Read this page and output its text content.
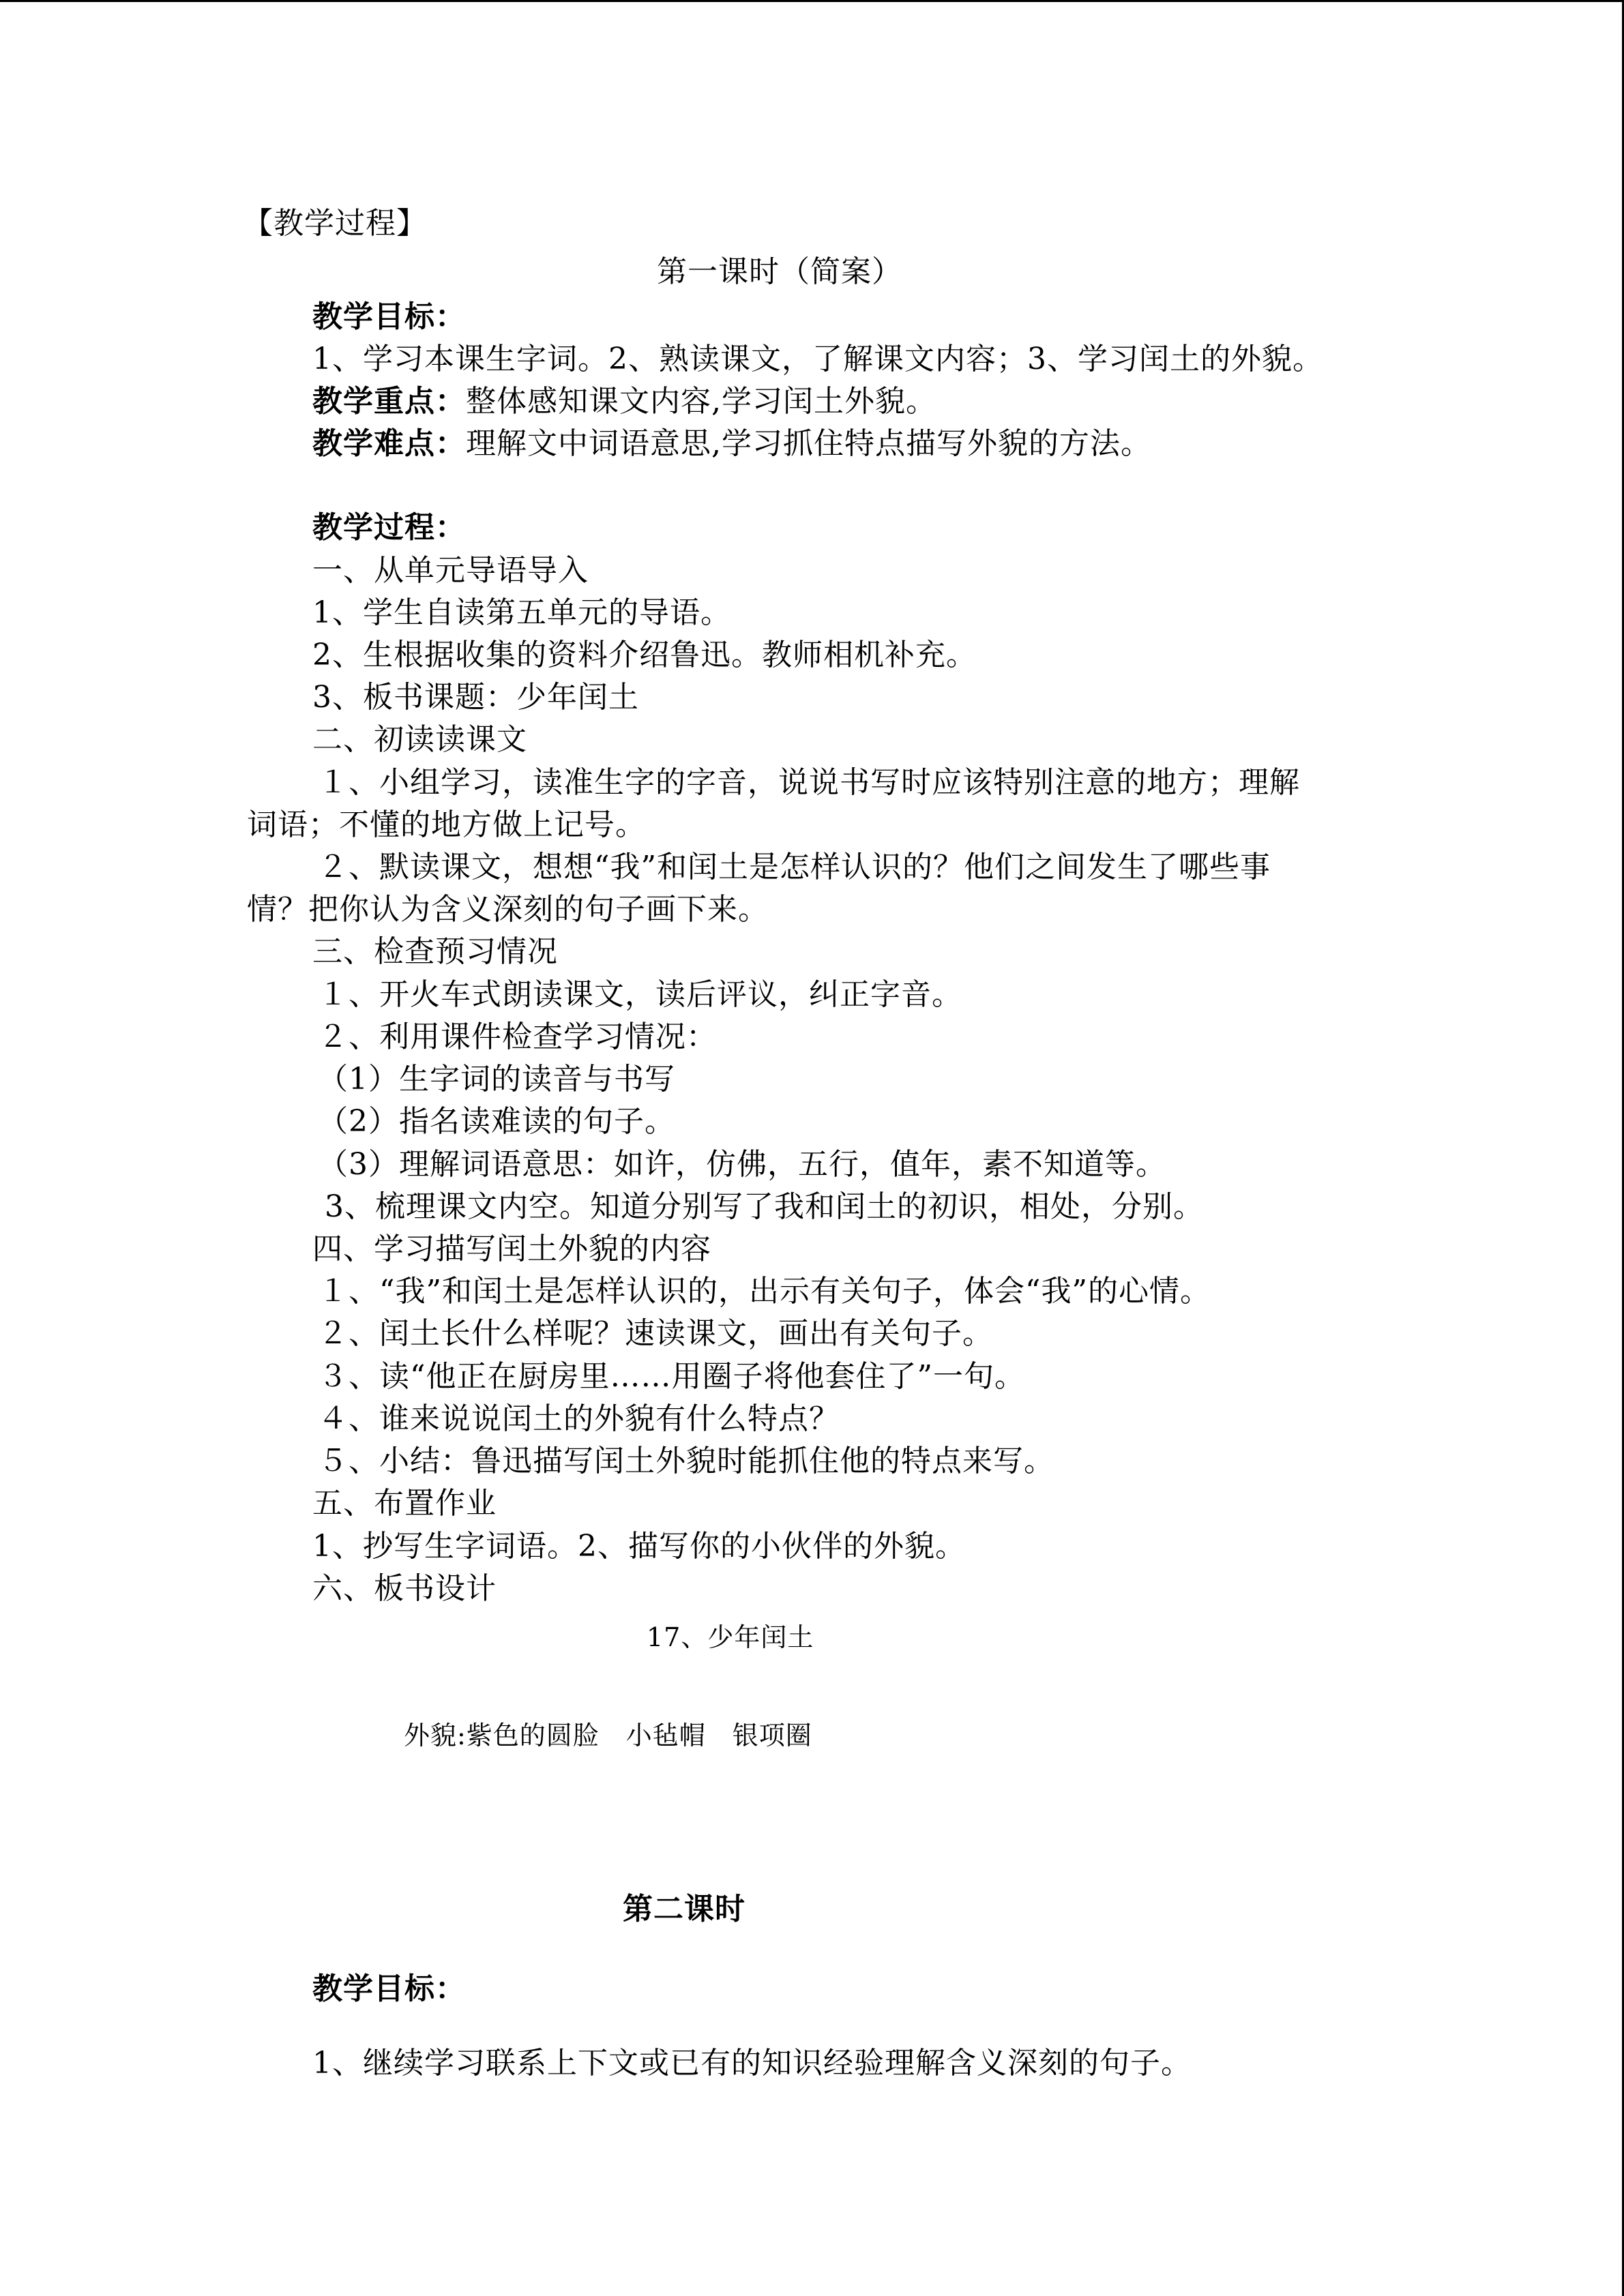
【教学过程】
第一课时（简案）
教学目标：
1、学习本课生字词。2、熟读课文，了解课文内容；3、学习闰土的外貌。
教学重点：整体感知课文内容,学习闰土外貌。
教学难点：理解文中词语意思,学习抓住特点描写外貌的方法。
教学过程：
一、从单元导语导入
1、学生自读第五单元的导语。
2、生根据收集的资料介绍鲁迅。教师相机补充。
3、板书课题：少年闰土
二、初读读课文
１、小组学习，读准生字的字音，说说书写时应该特别注意的地方；理解
词语；不懂的地方做上记号。
２、默读课文，想想“我”和闰土是怎样认识的？他们之间发生了哪些事
情？把你认为含义深刻的句子画下来。
三、检查预习情况
１、开火车式朗读课文，读后评议，纠正字音。
２、利用课件检查学习情况：
（1）生字词的读音与书写
（2）指名读难读的句子。
（3）理解词语意思：如许，仿佛，五行，值年，素不知道等。
3、梳理课文内空。知道分别写了我和闰土的初识，相处，分别。
四、学习描写闰土外貌的内容
１、“我”和闰土是怎样认识的，出示有关句子，体会“我”的心情。
２、闰土长什么样呢？速读课文，画出有关句子。
３、读“他正在厨房里……用圈子将他套住了”一句。
４、谁来说说闰土的外貌有什么特点？
５、小结：鲁迅描写闰土外貌时能抓住他的特点来写。
五、布置作业
1、抄写生字词语。2、描写你的小伙伴的外貌。
六、板书设计
17、少年闰土
外貌:紫色的圆脸　小毡帽　银项圈
第二课时
教学目标：
1、继续学习联系上下文或已有的知识经验理解含义深刻的句子。
